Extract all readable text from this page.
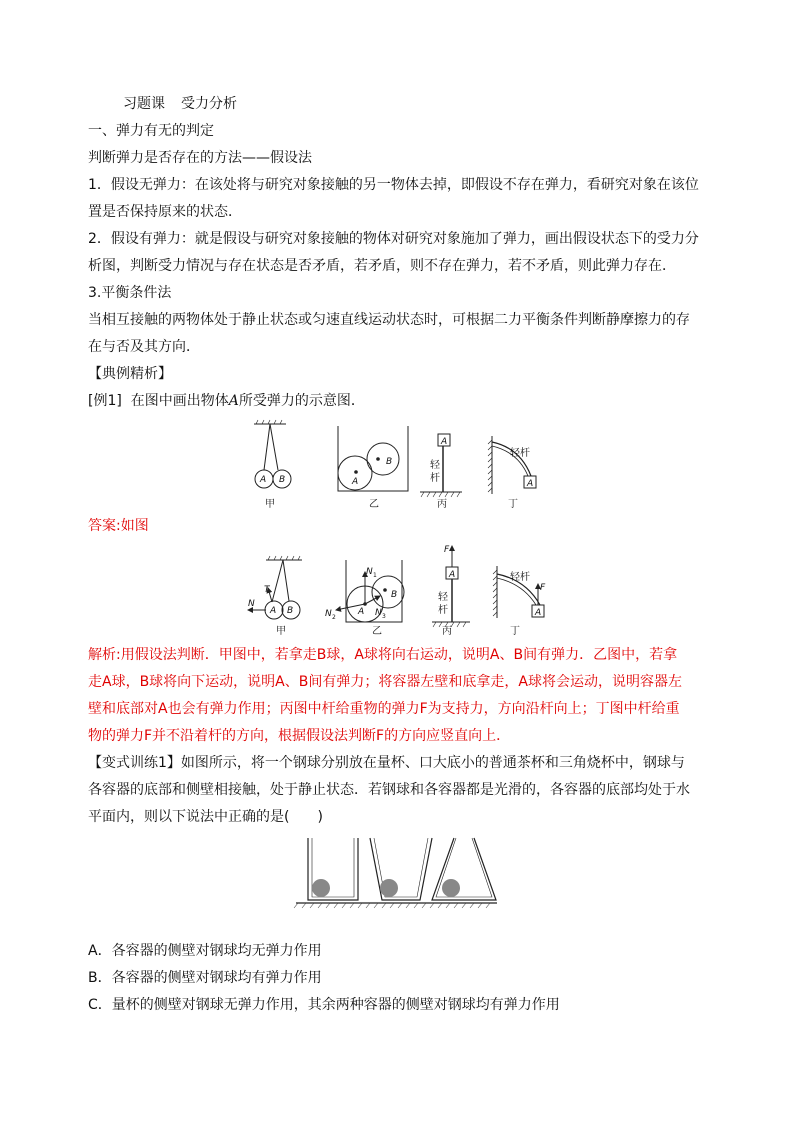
习题课 受力分析
一、弹力有无的判定
判断弹力是否存在的方法——假设法
1．假设无弹力：在该处将与研究对象接触的另一物体去掉，即假设不存在弹力，看研究对象在该位
置是否保持原来的状态．
2．假设有弹力：就是假设与研究对象接触的物体对研究对象施加了弹力，画出假设状态下的受力分
析图，判断受力情况与存在状态是否矛盾，若矛盾，则不存在弹力，若不矛盾，则此弹力存在．
3.平衡条件法
当相互接触的两物体处于静止状态或匀速直线运动状态时，可根据二力平衡条件判断静摩擦力的存
在与否及其方向．
【典例精析】
[例1] 在图中画出物体A所受弹力的示意图．
A B	A
B
A
A
轻
杆
轻杆
甲	乙	丙	丁
答案:如图
T
N
A B
N 1
N 2	N 3
A
B
F
A
F
A
轻
杆
轻杆
甲	乙	丙	丁
解析:用假设法判断．甲图中，若拿走B球，A球将向右运动，说明A、B间有弹力．乙图中，若拿
走A球，B球将向下运动，说明A、B间有弹力；将容器左壁和底拿走，A球将会运动，说明容器左
壁和底部对A也会有弹力作用；丙图中杆给重物的弹力F为支持力，方向沿杆向上；丁图中杆给重
物的弹力F并不沿着杆的方向，根据假设法判断F的方向应竖直向上．
【变式训练1】如图所示，将一个钢球分别放在量杯、口大底小的普通茶杯和三角烧杯中，钢球与
各容器的底部和侧壁相接触，处于静止状态．若钢球和各容器都是光滑的，各容器的底部均处于水
平面内，则以下说法中正确的是(　　)
A．各容器的侧壁对钢球均无弹力作用
B．各容器的侧壁对钢球均有弹力作用
C．量杯的侧壁对钢球无弹力作用，其余两种容器的侧壁对钢球均有弹力作用
